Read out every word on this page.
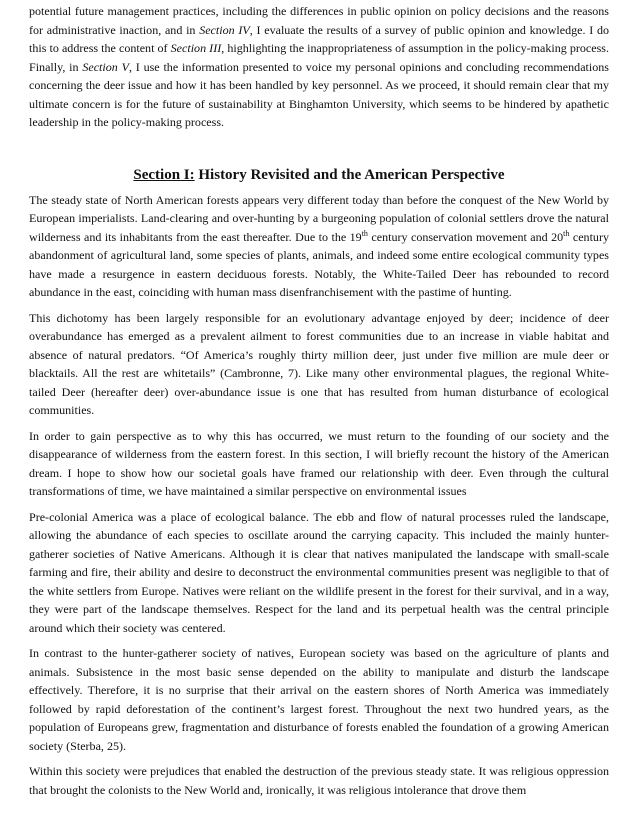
potential future management practices, including the differences in public opinion on policy decisions and the reasons for administrative inaction, and in Section IV, I evaluate the results of a survey of public opinion and knowledge. I do this to address the content of Section III, highlighting the inappropriateness of assumption in the policy-making process. Finally, in Section V, I use the information presented to voice my personal opinions and concluding recommendations concerning the deer issue and how it has been handled by key personnel. As we proceed, it should remain clear that my ultimate concern is for the future of sustainability at Binghamton University, which seems to be hindered by apathetic leadership in the policy-making process.

Section I: History Revisited and the American Perspective

The steady state of North American forests appears very different today than before the conquest of the New World by European imperialists. Land-clearing and over-hunting by a burgeoning population of colonial settlers drove the natural wilderness and its inhabitants from the east thereafter. Due to the 19th century conservation movement and 20th century abandonment of agricultural land, some species of plants, animals, and indeed some entire ecological community types have made a resurgence in eastern deciduous forests. Notably, the White-Tailed Deer has rebounded to record abundance in the east, coinciding with human mass disenfranchisement with the pastime of hunting.

This dichotomy has been largely responsible for an evolutionary advantage enjoyed by deer; incidence of deer overabundance has emerged as a prevalent ailment to forest communities due to an increase in viable habitat and absence of natural predators. “Of America’s roughly thirty million deer, just under five million are mule deer or blacktails. All the rest are whitetails” (Cambronne, 7). Like many other environmental plagues, the regional White-tailed Deer (hereafter deer) over-abundance issue is one that has resulted from human disturbance of ecological communities.

In order to gain perspective as to why this has occurred, we must return to the founding of our society and the disappearance of wilderness from the eastern forest. In this section, I will briefly recount the history of the American dream. I hope to show how our societal goals have framed our relationship with deer. Even through the cultural transformations of time, we have maintained a similar perspective on environmental issues

Pre-colonial America was a place of ecological balance. The ebb and flow of natural processes ruled the landscape, allowing the abundance of each species to oscillate around the carrying capacity. This included the mainly hunter-gatherer societies of Native Americans. Although it is clear that natives manipulated the landscape with small-scale farming and fire, their ability and desire to deconstruct the environmental communities present was negligible to that of the white settlers from Europe. Natives were reliant on the wildlife present in the forest for their survival, and in a way, they were part of the landscape themselves. Respect for the land and its perpetual health was the central principle around which their society was centered.

In contrast to the hunter-gatherer society of natives, European society was based on the agriculture of plants and animals. Subsistence in the most basic sense depended on the ability to manipulate and disturb the landscape effectively. Therefore, it is no surprise that their arrival on the eastern shores of North America was immediately followed by rapid deforestation of the continent’s largest forest. Throughout the next two hundred years, as the population of Europeans grew, fragmentation and disturbance of forests enabled the foundation of a growing American society (Sterba, 25).

Within this society were prejudices that enabled the destruction of the previous steady state. It was religious oppression that brought the colonists to the New World and, ironically, it was religious intolerance that drove them
